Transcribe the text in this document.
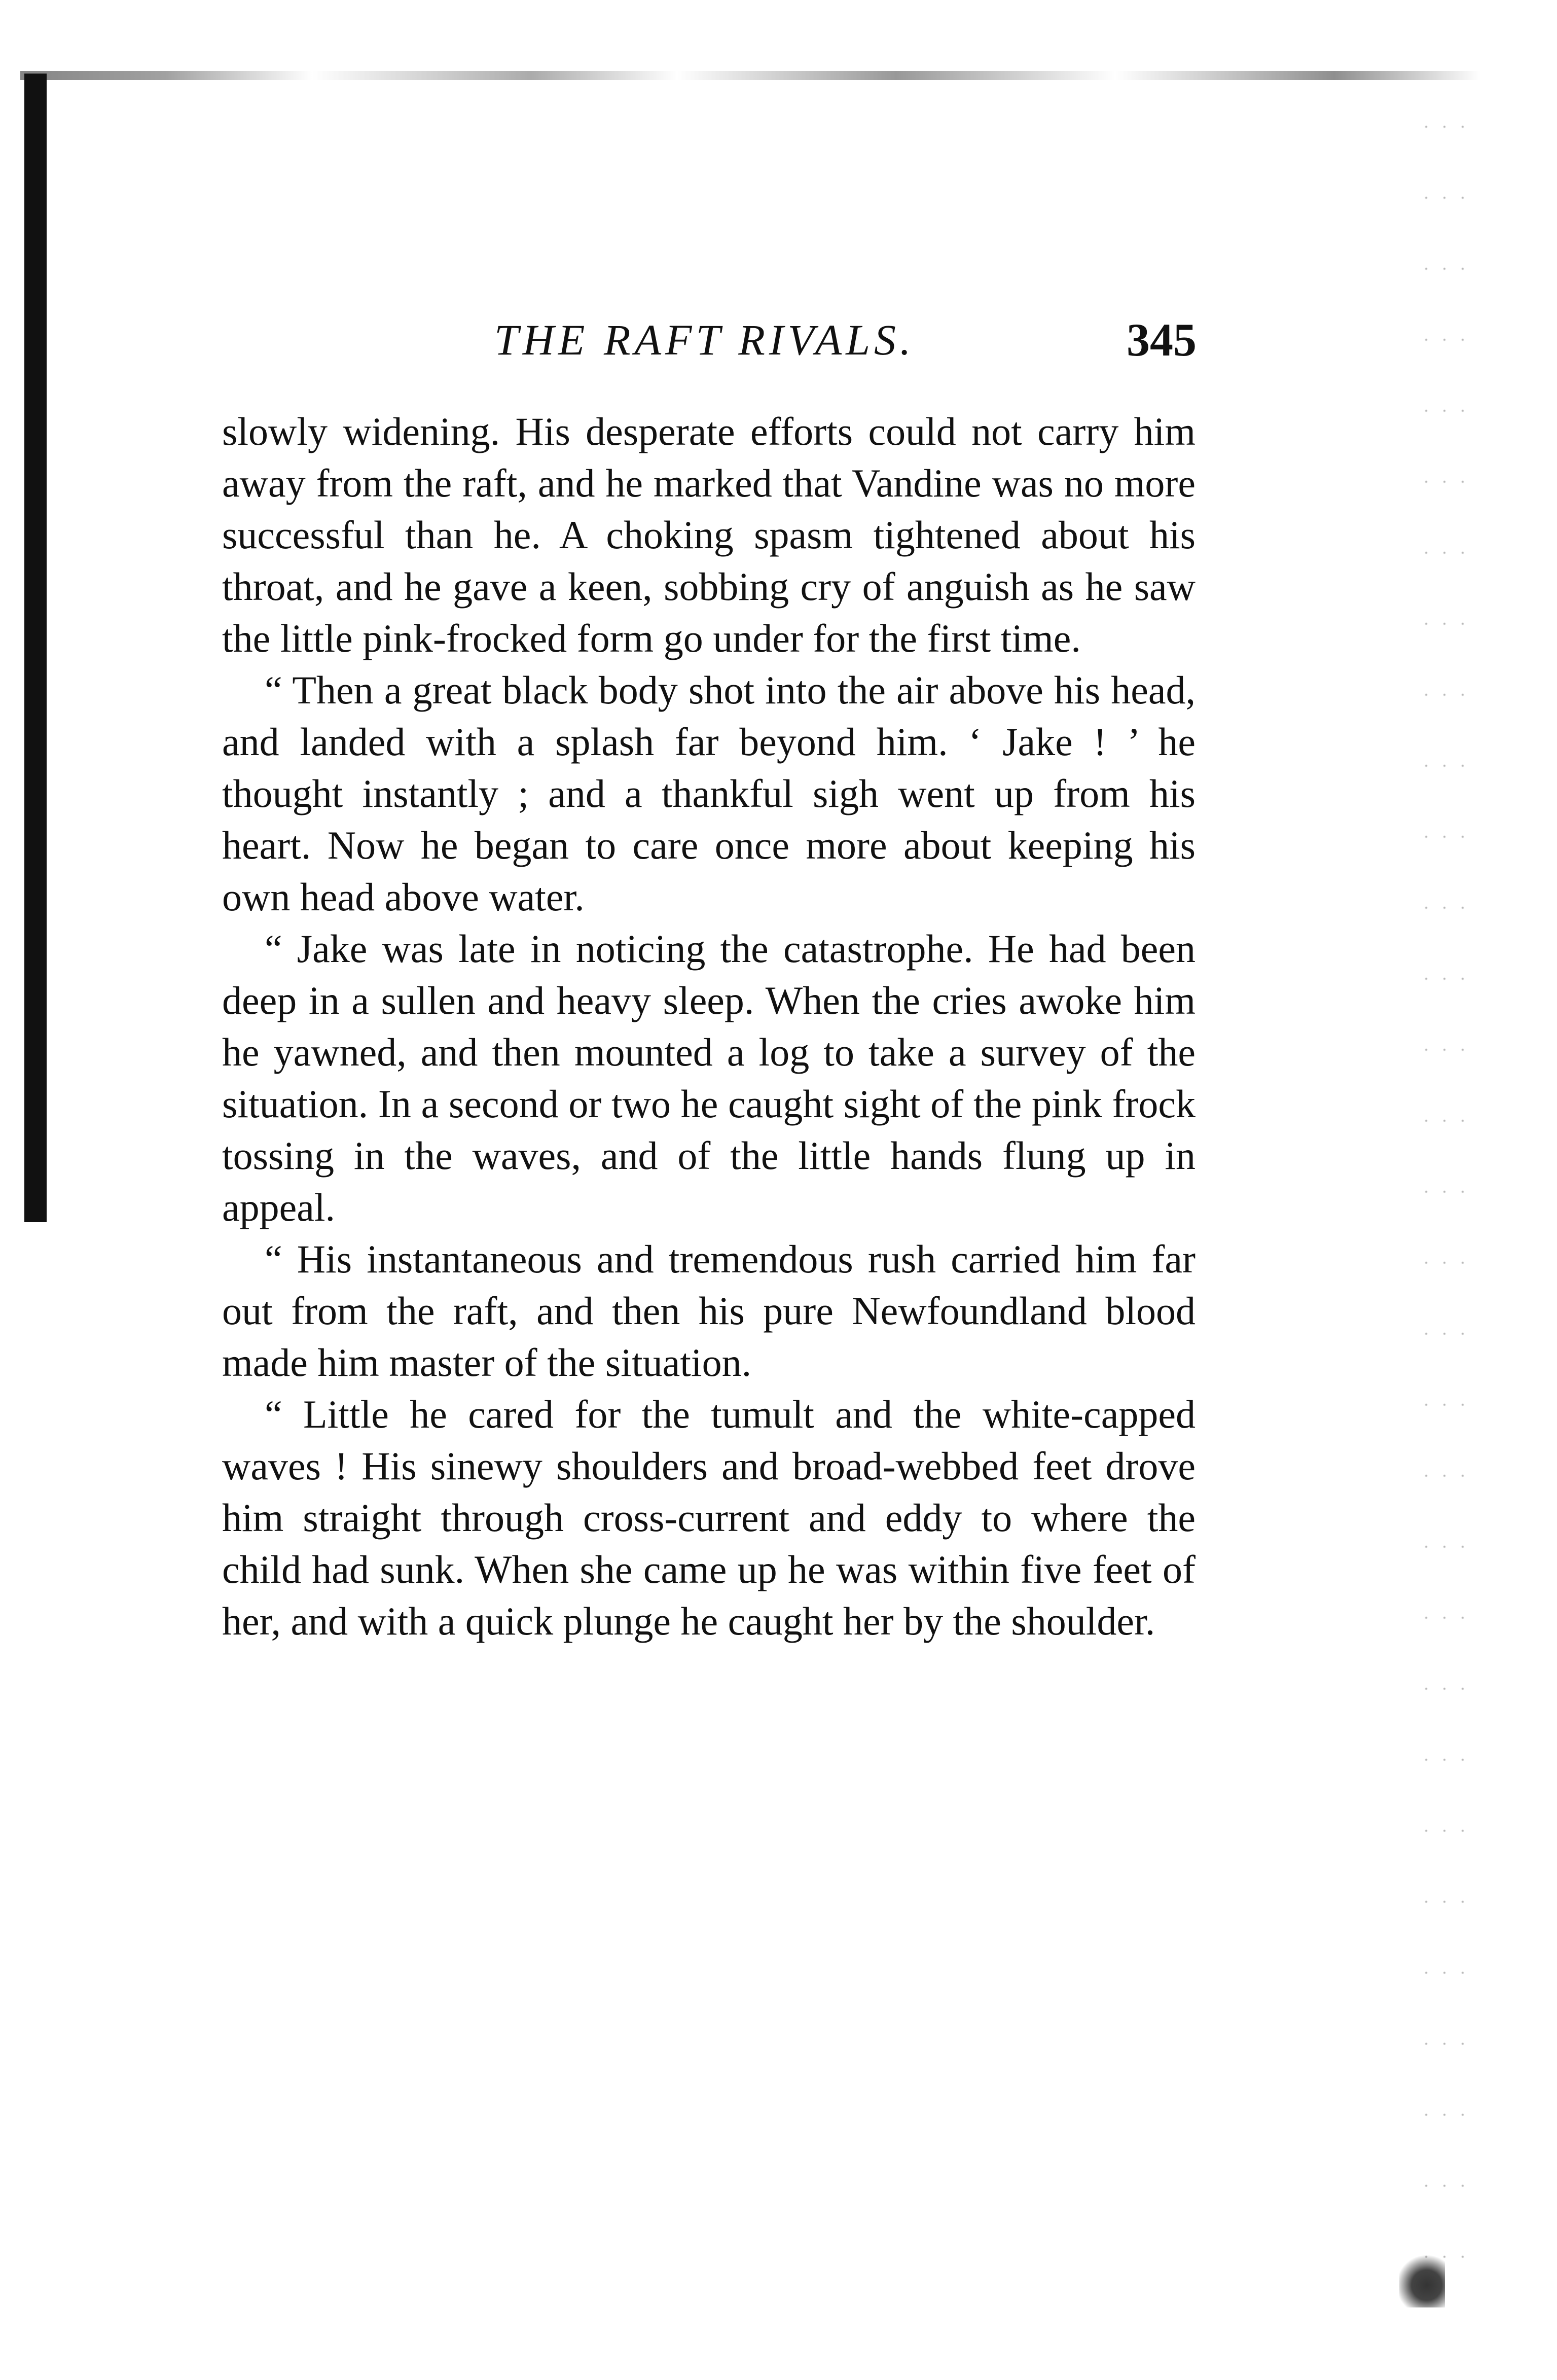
THE RAFT RIVALS.	345

slowly widening. His desperate efforts could not carry him away from the raft, and he marked that Vandine was no more successful than he. A choking spasm tightened about his throat, and he gave a keen, sobbing cry of anguish as he saw the little pink-frocked form go under for the first time.

“ Then a great black body shot into the air above his head, and landed with a splash far beyond him. ‘ Jake ! ’ he thought instantly ; and a thankful sigh went up from his heart. Now he began to care once more about keeping his own head above water.

“ Jake was late in noticing the catastrophe. He had been deep in a sullen and heavy sleep. When the cries awoke him he yawned, and then mounted a log to take a survey of the situation. In a second or two he caught sight of the pink frock tossing in the waves, and of the little hands flung up in appeal.

“ His instantaneous and tremendous rush carried him far out from the raft, and then his pure Newfoundland blood made him master of the situation.

“ Little he cared for the tumult and the white-capped waves ! His sinewy shoulders and broad-webbed feet drove him straight through cross-current and eddy to where the child had sunk. When she came up he was within five feet of her, and with a quick plunge he caught her by the shoulder.
